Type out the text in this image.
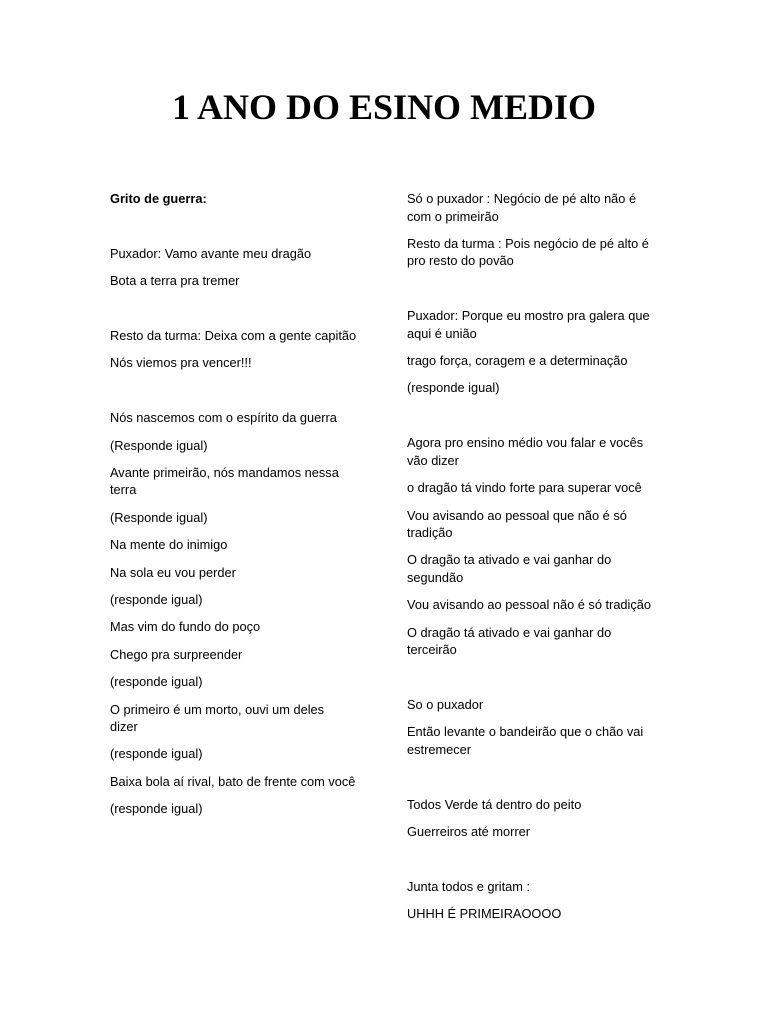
1 ANO DO ESINO MEDIO

Grito de guerra:

Puxador: Vamo avante meu dragão

Bota a terra pra tremer

Resto da turma: Deixa com a gente capitão

Nós viemos pra vencer!!!

Nós nascemos com o espírito da guerra

(Responde igual)

Avante primeirão, nós mandamos nessa
terra

(Responde igual)

Na mente do inimigo

Na sola eu vou perder

(responde igual)

Mas vim do fundo do poço

Chego pra surpreender

(responde igual)

O primeiro é um morto, ouvi um deles
dizer

(responde igual)

Baixa bola aí rival, bato de frente com você

(responde igual)

Só o puxador : Negócio de pé alto não é
com o primeirão

Resto da turma : Pois negócio de pé alto é
pro resto do povão

Puxador: Porque eu mostro pra galera que
aqui é união

trago força, coragem e a determinação

(responde igual)

Agora pro ensino médio vou falar e vocês
vão dizer

o dragão tá vindo forte para superar você

Vou avisando ao pessoal que não é só
tradição

O dragão ta ativado e vai ganhar do
segundão

Vou avisando ao pessoal não é só tradição

O dragão tá ativado e vai ganhar do
terceirão

So o puxador

Então levante o bandeirão que o chão vai
estremecer

Todos Verde tá dentro do peito

Guerreiros até morrer

Junta todos e gritam :

UHHH É PRIMEIRAOOOO
